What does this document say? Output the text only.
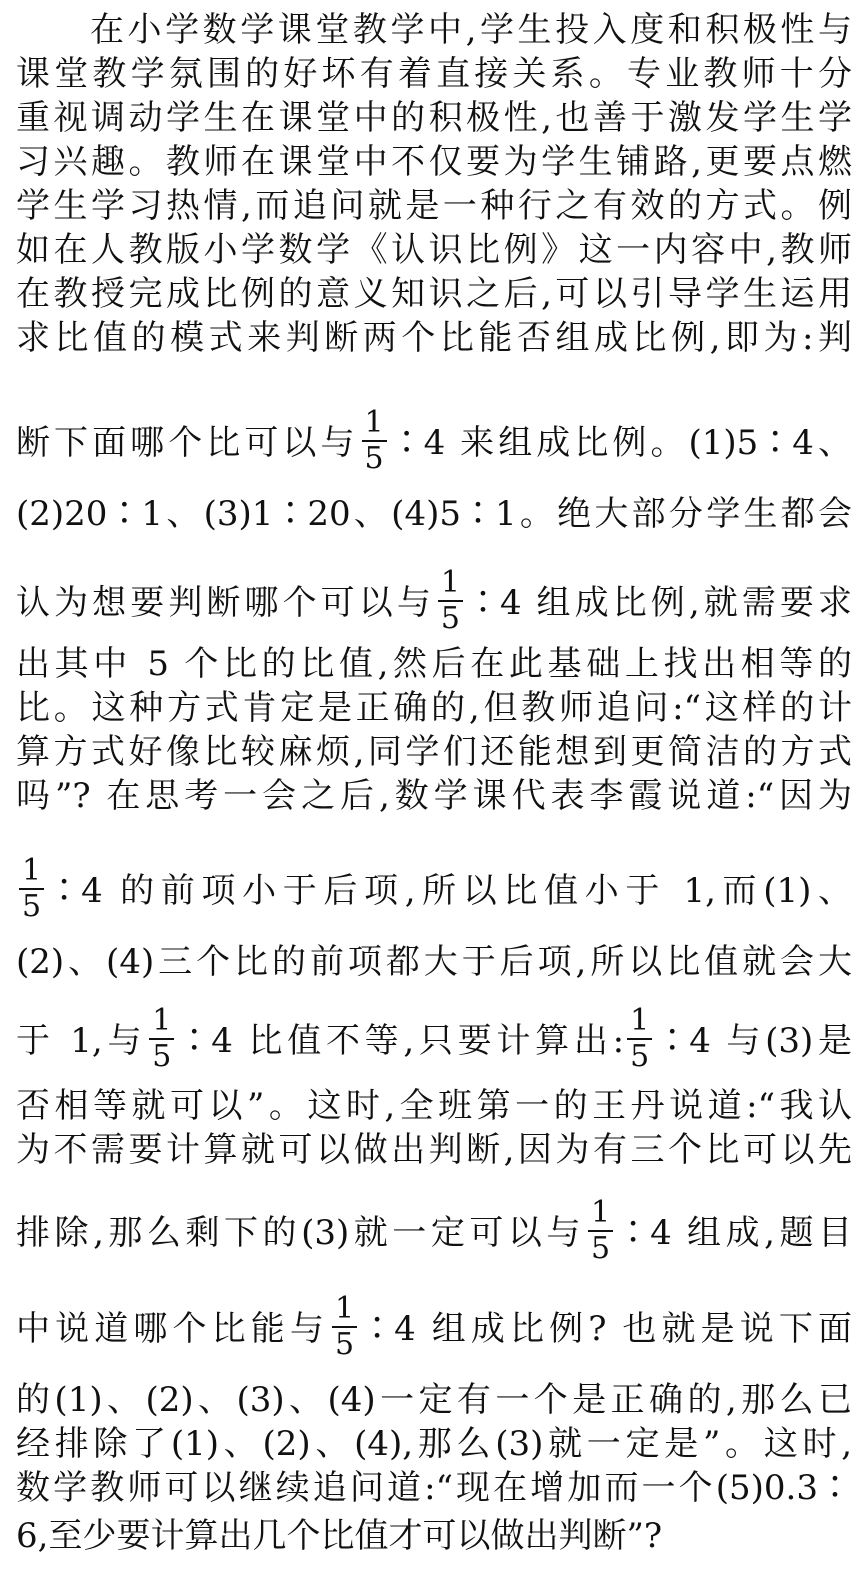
在小学数学课堂教学中,学生投入度和积极性与
课堂教学氛围的好坏有着直接关系。专业教师十分
重视调动学生在课堂中的积极性,也善于激发学生学
习兴趣。教师在课堂中不仅要为学生铺路,更要点燃
学生学习热情,而追问就是一种行之有效的方式。例
如在人教版小学数学《认识比例》这一内容中,教师
在教授完成比例的意义知识之后,可以引导学生运用
求比值的模式来判断两个比能否组成比例,即为:判
断下面哪个比可以与 $\frac{1}{5}$ ∶4 来组成比例。(1)5∶4、
(2)20∶1、(3)1∶20、(4)5∶1。绝大部分学生都会
认为想要判断哪个可以与 $\frac{1}{5}$ ∶4 组成比例,就需要求
出其中 5 个比的比值,然后在此基础上找出相等的
比。这种方式肯定是正确的,但教师追问:“这样的计
算方式好像比较麻烦,同学们还能想到更简洁的方式
吗”? 在思考一会之后,数学课代表李霞说道:“因为
$\frac{1}{5}$ ∶4 的前项小于后项,所以比值小于 1,而(1)、
(2)、(4)三个比的前项都大于后项,所以比值就会大
于 1,与 $\frac{1}{5}$ ∶4 比值不等,只要计算出: $\frac{1}{5}$ ∶4 与(3)是
否相等就可以”。这时,全班第一的王丹说道:“我认
为不需要计算就可以做出判断,因为有三个比可以先
排除,那么剩下的(3)就一定可以与 $\frac{1}{5}$ ∶4 组成,题目
中说道哪个比能与 $\frac{1}{5}$ ∶4 组成比例? 也就是说下面
的(1)、(2)、(3)、(4)一定有一个是正确的,那么已
经排除了(1)、(2)、(4),那么(3)就一定是”。这时,
数学教师可以继续追问道:“现在增加而一个(5)0.3∶
6,至少要计算出几个比值才可以做出判断”?
